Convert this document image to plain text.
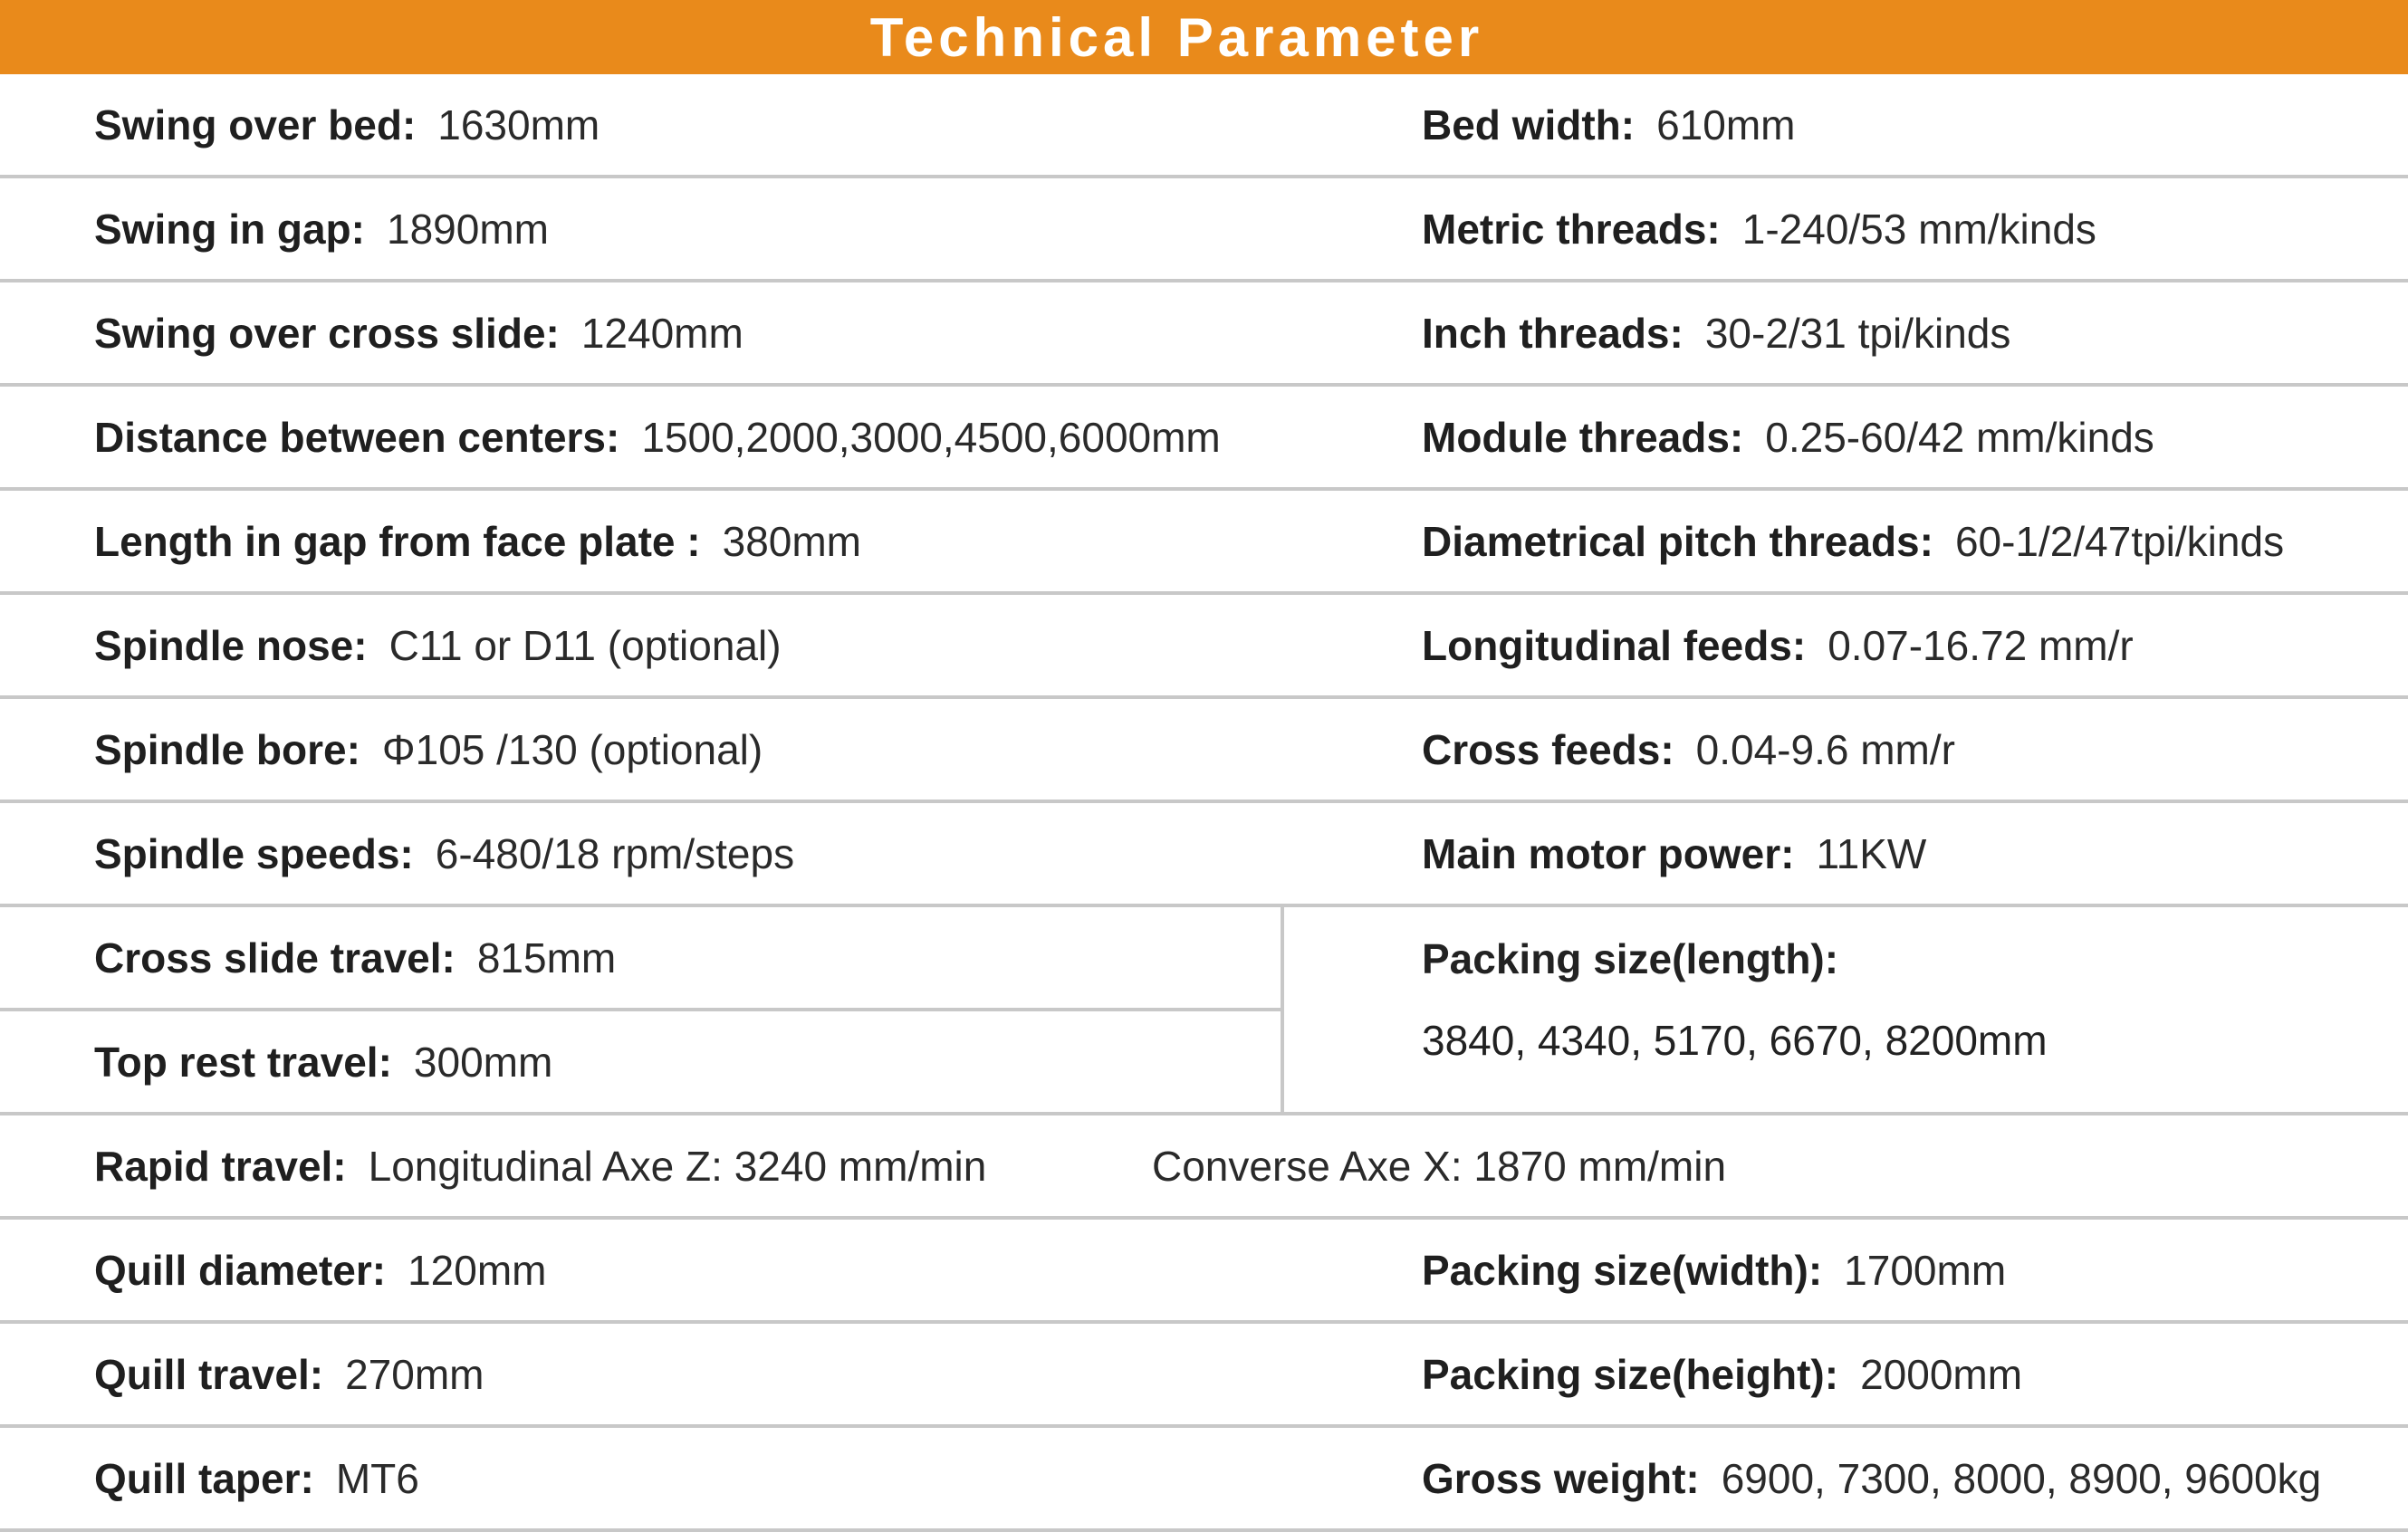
Technical Parameter
Swing over bed: 1630mm	Bed width: 610mm
Swing in gap: 1890mm	Metric threads: 1-240/53 mm/kinds
Swing over cross slide: 1240mm	Inch threads: 30-2/31 tpi/kinds
Distance between centers: 1500,2000,3000,4500,6000mm	Module threads: 0.25-60/42 mm/kinds
Length in gap from face plate : 380mm	Diametrical pitch threads: 60-1/2/47tpi/kinds
Spindle nose: C11 or D11 (optional)	Longitudinal feeds: 0.07-16.72 mm/r
Spindle bore: Φ105 /130 (optional)	Cross feeds: 0.04-9.6 mm/r
Spindle speeds: 6-480/18 rpm/steps	Main motor power: 11KW
Cross slide travel: 815mm
Top rest travel: 300mm
Packing size(length):
3840, 4340, 5170, 6670, 8200mm
Rapid travel: Longitudinal Axe Z: 3240 mm/min	Converse Axe X: 1870 mm/min
Quill diameter: 120mm	Packing size(width): 1700mm
Quill travel: 270mm	Packing size(height): 2000mm
Quill taper: MT6	Gross weight: 6900, 7300, 8000, 8900, 9600kg
